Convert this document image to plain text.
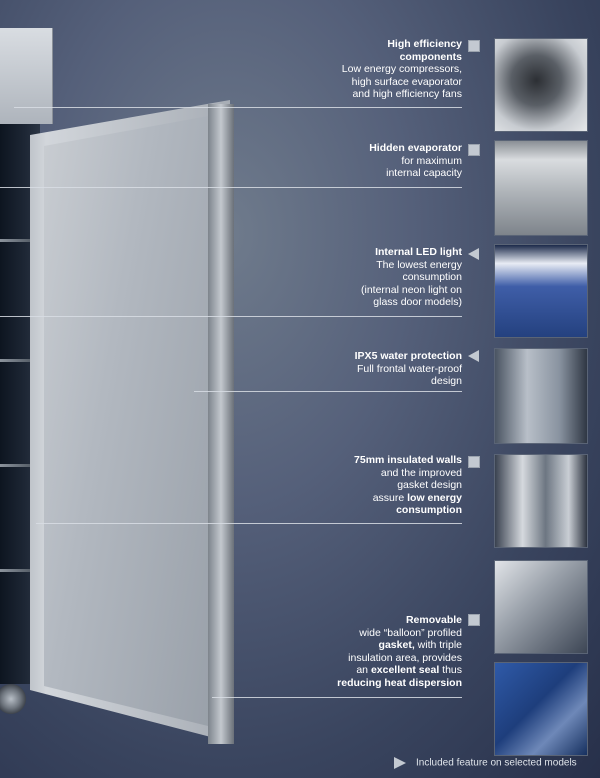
High efficiency components
Low energy compressors,
high surface evaporator
and high efficiency fans
Hidden evaporator
for maximum
internal capacity
Internal LED light
The lowest energy
consumption
(internal neon light on
glass door models)
IPX5 water protection
Full frontal water-proof
design
75mm insulated walls
and the improved
gasket design
assure low energy
consumption
Removable
wide “balloon” profiled
gasket, with triple
insulation area, provides
an excellent seal thus
reducing heat dispersion
Included feature on selected models
